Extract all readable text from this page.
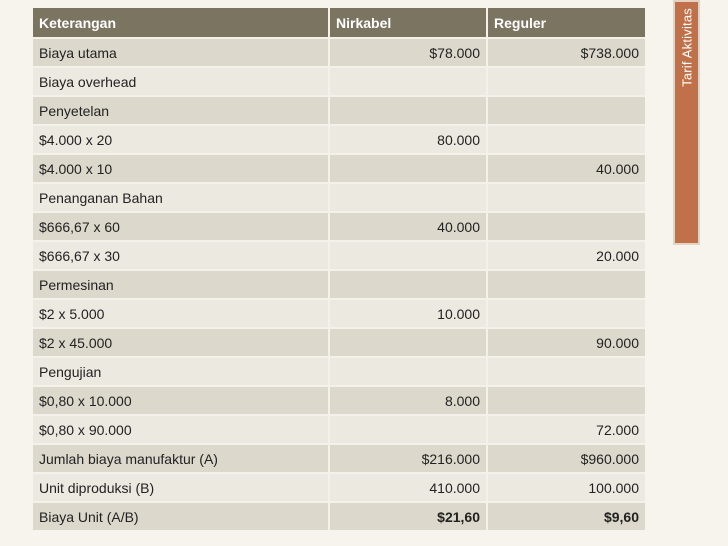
Keterangan	Nirkabel	Reguler
Biaya utama	$78.000	$738.000
Biaya overhead		
Penyetelan		
$4.000 x 20	80.000	
$4.000 x 10		40.000
Penanganan Bahan		
$666,67 x 60	40.000	
$666,67 x 30		20.000
Permesinan		
$2 x 5.000	10.000	
$2 x 45.000		90.000
Pengujian		
$0,80 x 10.000	8.000	
$0,80 x 90.000		72.000
Jumlah biaya manufaktur (A)	$216.000	$960.000
Unit diproduksi (B)	410.000	100.000
Biaya Unit (A/B)	$21,60	$9,60
Tarif Aktivitas
